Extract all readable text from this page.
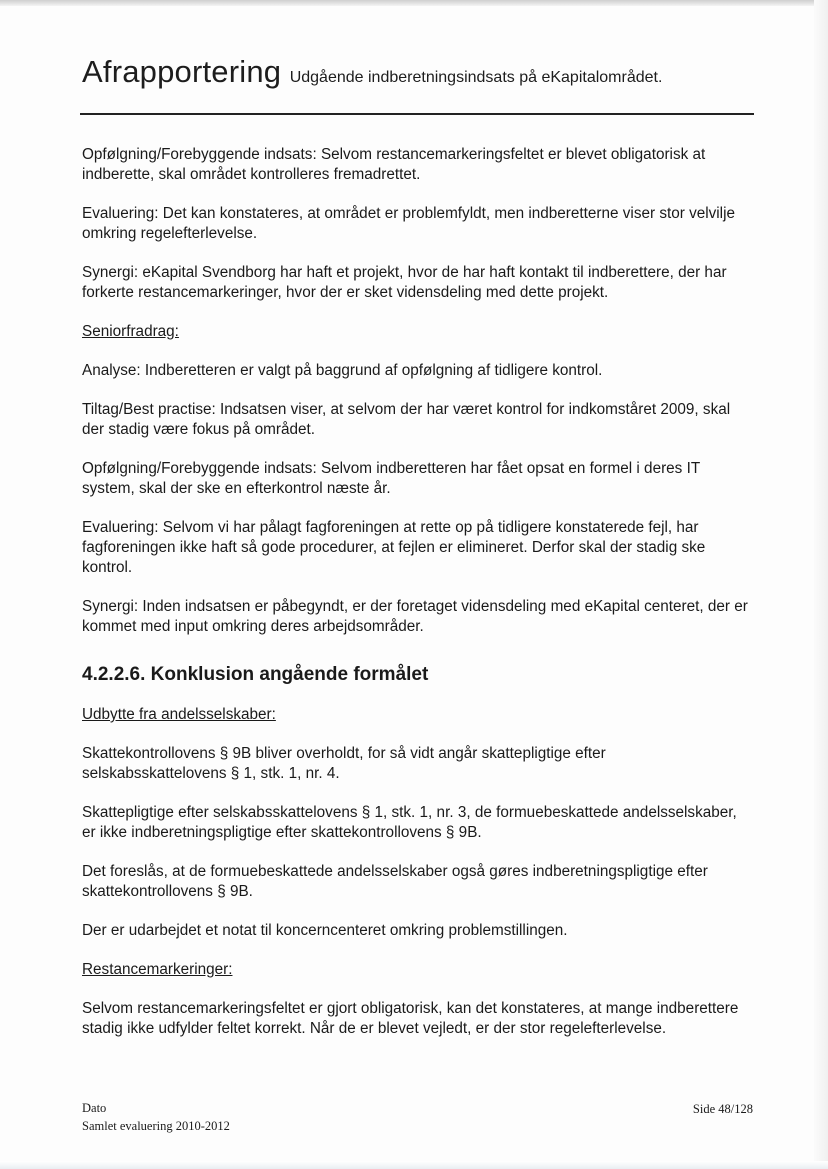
Afrapportering Udgående indberetningsindsats på eKapitalområdet.
Opfølgning/Forebyggende indsats: Selvom restancemarkeringsfeltet er blevet obligatorisk at indberette, skal området kontrolleres fremadrettet.
Evaluering: Det kan konstateres, at området er problemfyldt, men indberetterne viser stor velvilje omkring regelefterlevelse.
Synergi: eKapital Svendborg har haft et projekt, hvor de har haft kontakt til indberettere, der har forkerte restancemarkeringer, hvor der er sket vidensdeling med dette projekt.
Seniorfradrag:
Analyse: Indberetteren er valgt på baggrund af opfølgning af tidligere kontrol.
Tiltag/Best practise: Indsatsen viser, at selvom der har været kontrol for indkomståret 2009, skal der stadig være fokus på området.
Opfølgning/Forebyggende indsats: Selvom indberetteren har fået opsat en formel i deres IT system, skal der ske en efterkontrol næste år.
Evaluering: Selvom vi har pålagt fagforeningen at rette op på tidligere konstaterede fejl, har fagforeningen ikke haft så gode procedurer, at fejlen er elimineret. Derfor skal der stadig ske kontrol.
Synergi: Inden indsatsen er påbegyndt, er der foretaget vidensdeling med eKapital centeret, der er kommet med input omkring deres arbejdsområder.
4.2.2.6. Konklusion angående formålet
Udbytte fra andelsselskaber:
Skattekontrollovens § 9B bliver overholdt, for så vidt angår skattepligtige efter selskabsskattelovens § 1, stk. 1, nr. 4.
Skattepligtige efter selskabsskattelovens § 1, stk. 1, nr. 3, de formuebeskattede andelsselskaber, er ikke indberetningspligtige efter skattekontrollovens § 9B.
Det foreslås, at de formuebeskattede andelsselskaber også gøres indberetningspligtige efter skattekontrollovens § 9B.
Der er udarbejdet et notat til koncerncenteret omkring problemstillingen.
Restancemarkeringer:
Selvom restancemarkeringsfeltet er gjort obligatorisk, kan det konstateres, at mange indberettere stadig ikke udfylder feltet korrekt. Når de er blevet vejledt, er der stor regelefterlevelse.
Dato
Samlet evaluering 2010-2012
Side 48/128
